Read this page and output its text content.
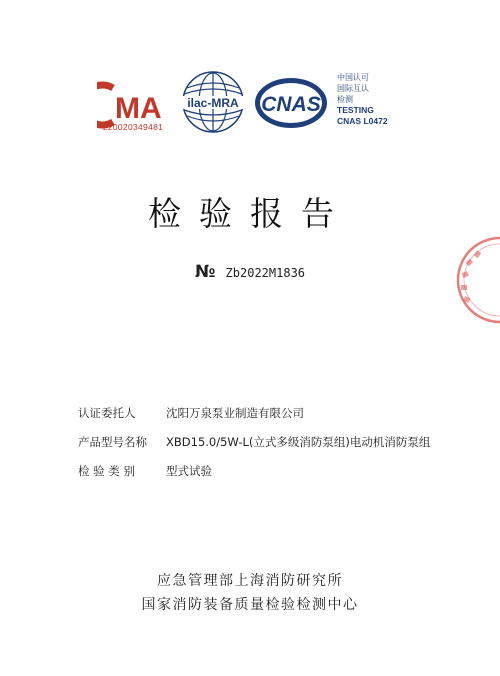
MA
220020349481
ilac-MRA CNAS
中国认可
国际互认
检测
TESTING
CNAS L0472
检验报告
№ Zb2022M1836
认证委托人	沈阳万泉泵业制造有限公司
产品型号名称	XBD15.0/5W-L(立式多级消防泵组)电动机消防泵组
检 验 类 别	型式试验
应急管理部上海消防研究所
国家消防装备质量检验检测中心
